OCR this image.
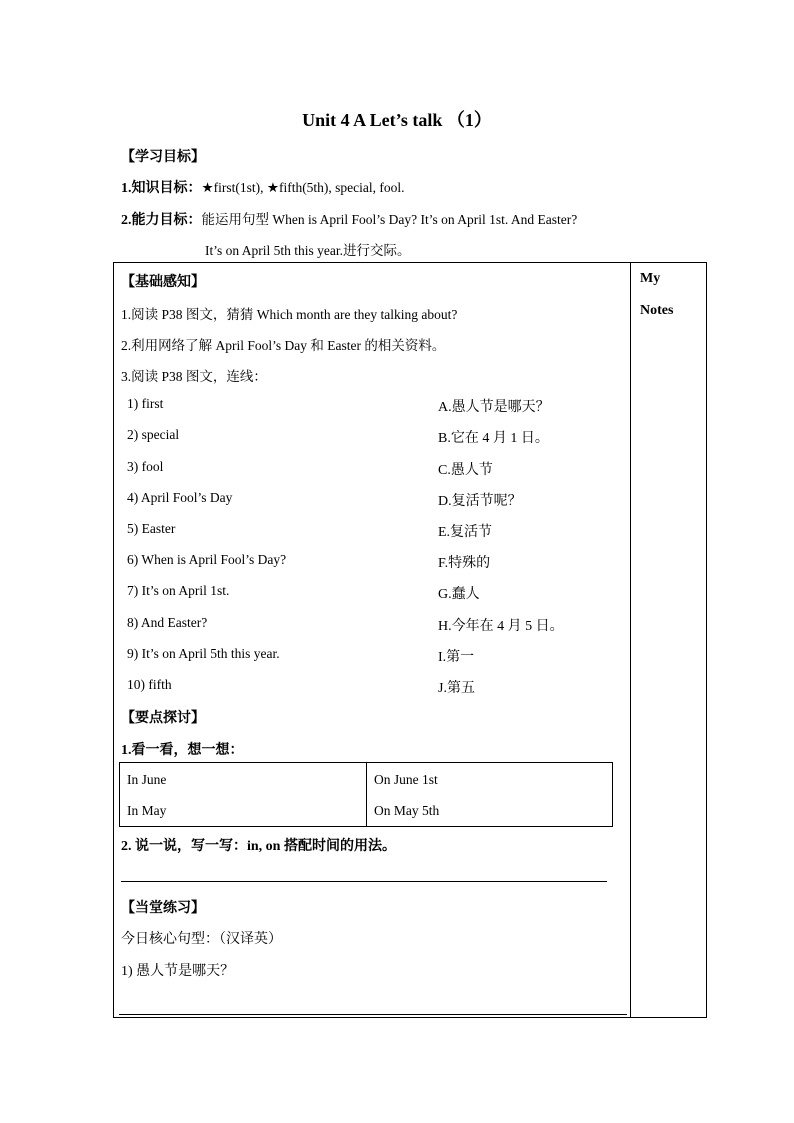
Unit 4 A Let’s talk （1）
【学习目标】
1.知识目标：★first(1st), ★fifth(5th), special, fool.
2.能力目标：能运用句型 When is April Fool’s Day? It’s on April 1st. And Easter?
It’s on April 5th this year.进行交际。
My
Notes
【基础感知】
1.阅读 P38 图文，猜猜 Which month are they talking about?
2.利用网络了解 April Fool’s Day 和 Easter 的相关资料。
3.阅读 P38 图文，连线：
1) first	A.愚人节是哪天？
2) special	B.它在 4 月 1 日。
3) fool	C.愚人节
4) April Fool’s Day	D.复活节呢？
5) Easter	E.复活节
6) When is April Fool’s Day?	F.特殊的
7) It’s on April 1st.	G.蠢人
8) And Easter?	H.今年在 4 月 5 日。
9) It’s on April 5th this year.	I.第一
10) fifth	J.第五
【要点探讨】
1.看一看，想一想：
In June	On June 1st
In May	On May 5th
2. 说一说，写一写：in, on 搭配时间的用法。
【当堂练习】
今日核心句型：（汉译英）
1) 愚人节是哪天？
